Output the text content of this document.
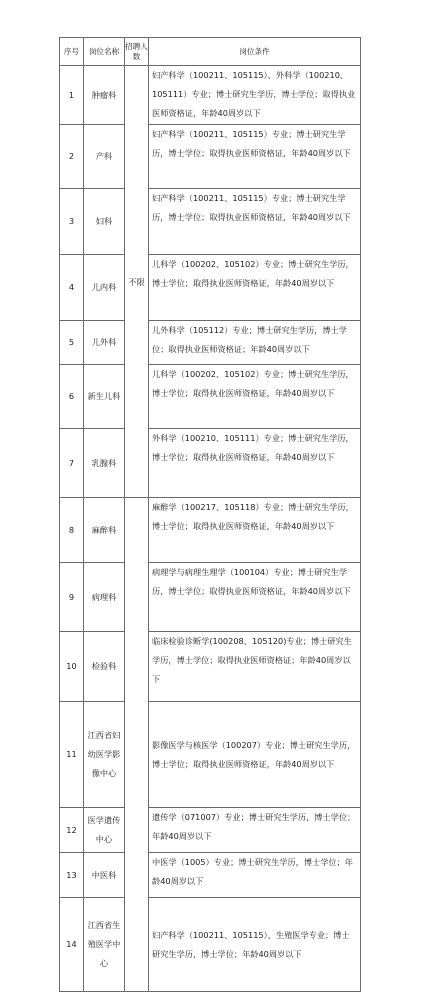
序号	岗位名称	招聘人数	岗位条件
1	肿瘤科	不限	妇产科学（100211、105115）、外科学（100210、105111）专业；博士研究生学历，博士学位；取得执业医师资格证，年龄40周岁以下
2	产科		妇产科学（100211、105115）专业；博士研究生学历，博士学位；取得执业医师资格证，年龄40周岁以下
3	妇科		妇产科学（100211、105115）专业；博士研究生学历，博士学位；取得执业医师资格证，年龄40周岁以下
4	儿内科		儿科学（100202、105102）专业；博士研究生学历，博士学位；取得执业医师资格证，年龄40周岁以下
5	儿外科		儿外科学（105112）专业；博士研究生学历，博士学位；取得执业医师资格证；年龄40周岁以下
6	新生儿科		儿科学（100202、105102）专业；博士研究生学历，博士学位；取得执业医师资格证，年龄40周岁以下
7	乳腺科		外科学（100210、105111）专业；博士研究生学历，博士学位；取得执业医师资格证，年龄40周岁以下
8	麻醉科		麻醉学（100217、105118）专业；博士研究生学历，博士学位；取得执业医师资格证，年龄40周岁以下
9	病理科		病理学与病理生理学（100104）专业；博士研究生学历，博士学位；取得执业医师资格证，年龄40周岁以下
10	检验科		临床检验诊断学(100208、105120)专业；博士研究生学历，博士学位；取得执业医师资格证；年龄40周岁以下
11	江西省妇幼医学影像中心		影像医学与核医学（100207）专业；博士研究生学历，博士学位；取得执业医师资格证，年龄40周岁以下
12	医学遗传中心		遗传学（071007）专业；博士研究生学历，博士学位；年龄40周岁以下
13	中医科		中医学（1005）专业；博士研究生学历，博士学位；年龄40周岁以下
14	江西省生殖医学中心		妇产科学（100211、105115）、生殖医学专业；博士研究生学历，博士学位；年龄40周岁以下
